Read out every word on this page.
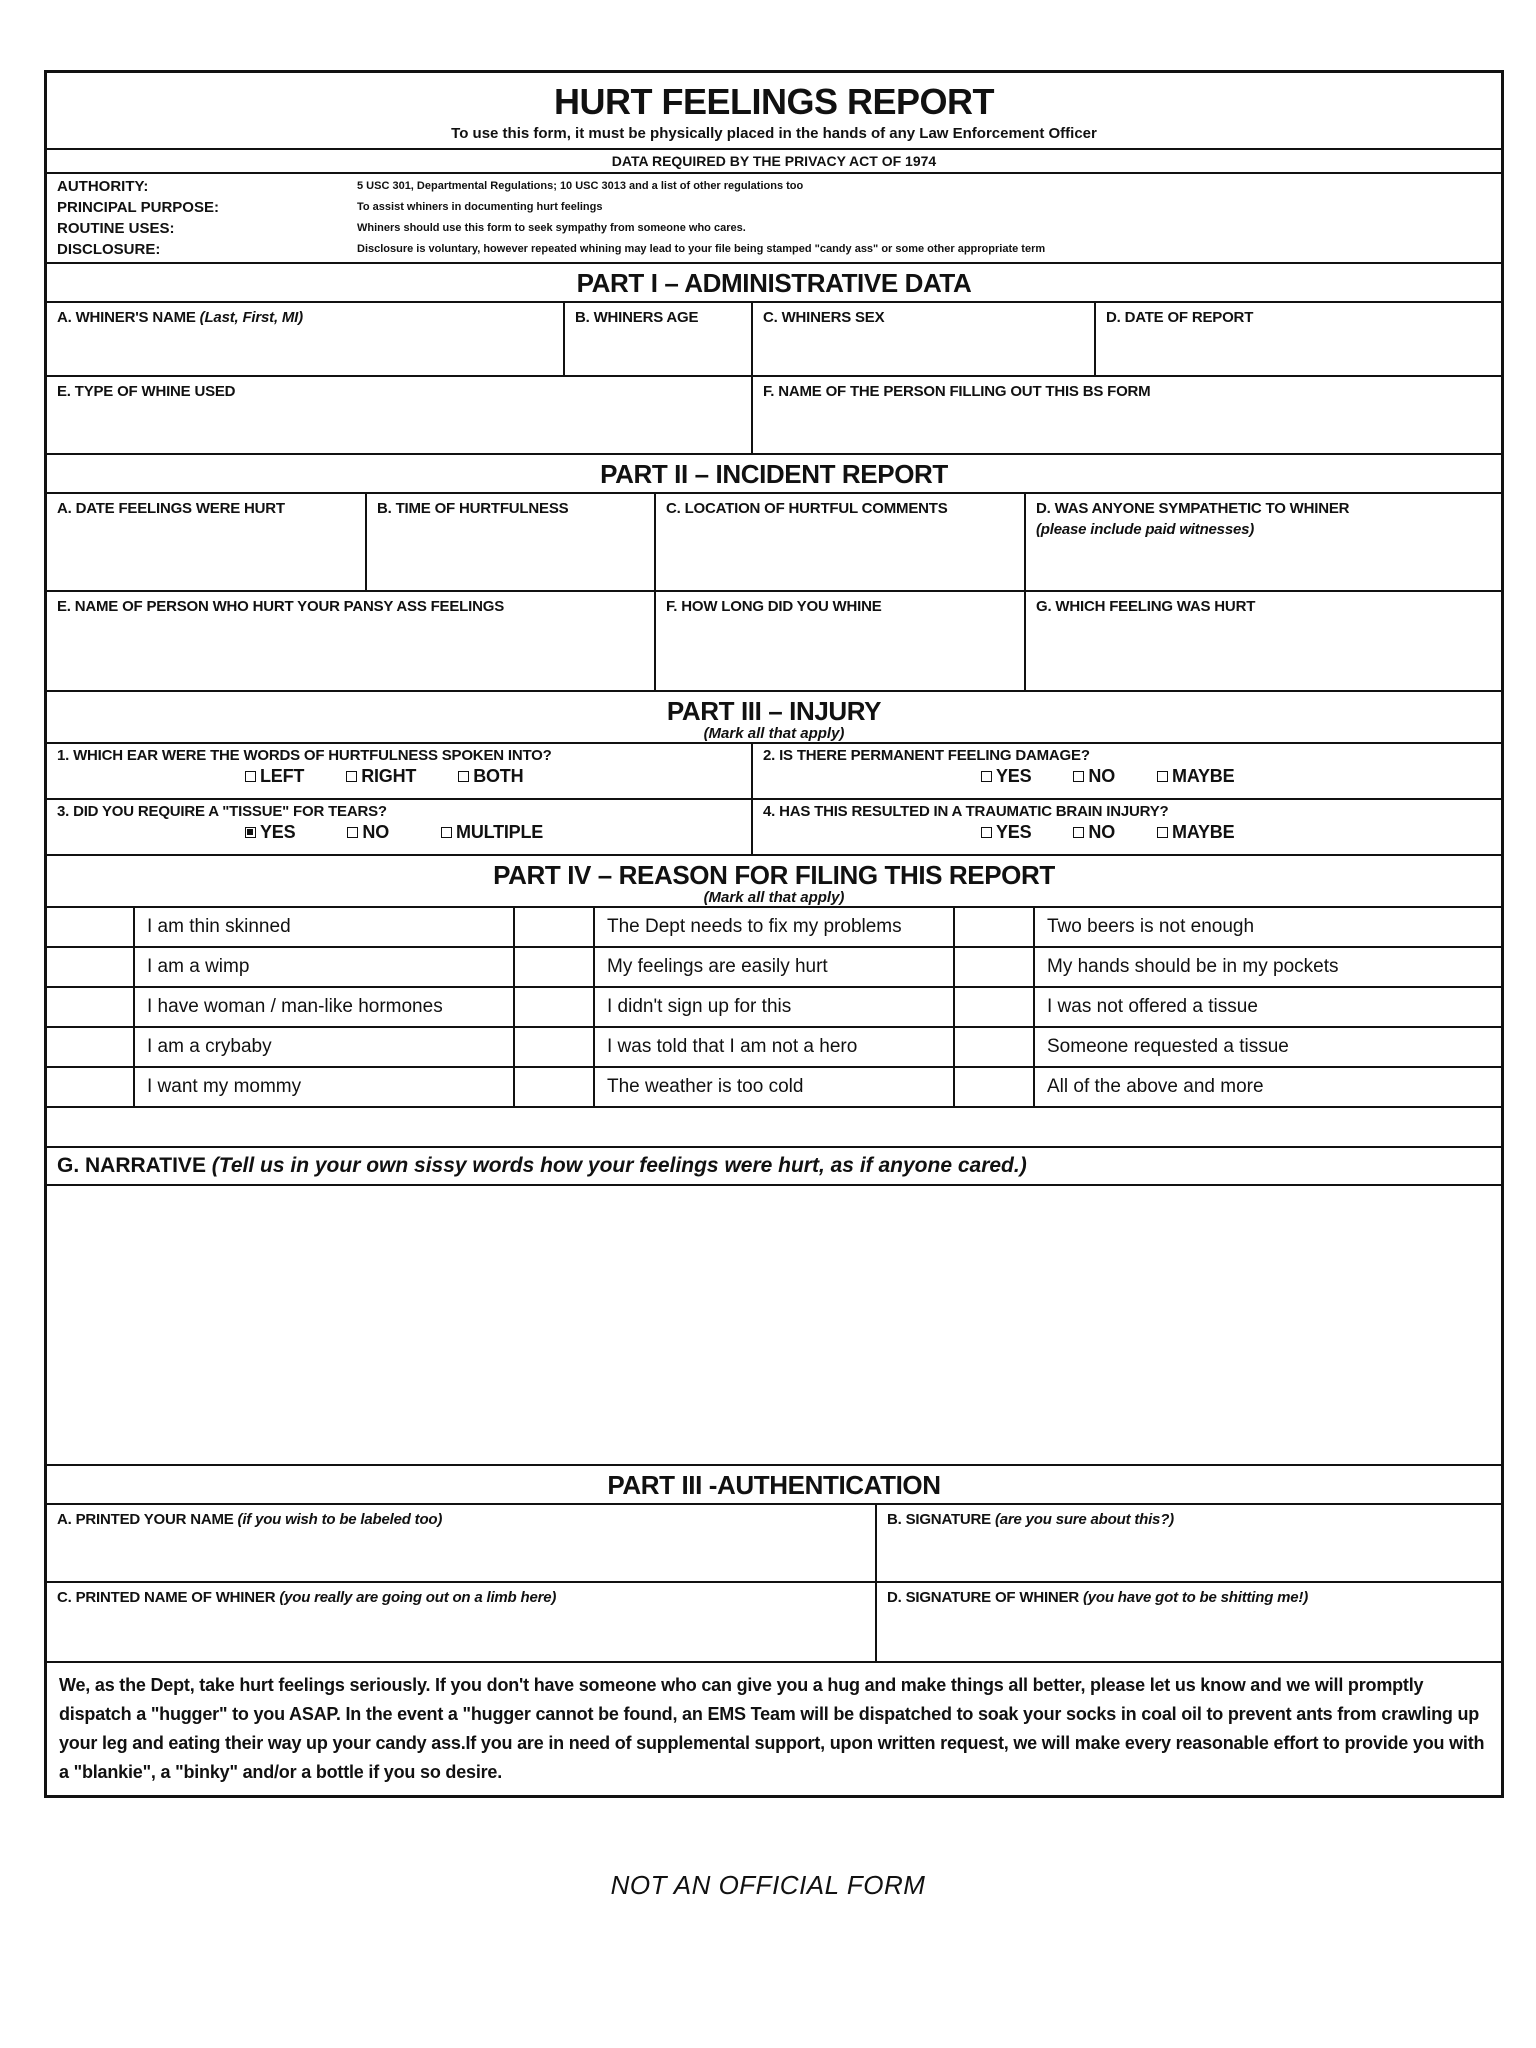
HURT FEELINGS REPORT
To use this form, it must be physically placed in the hands of any Law Enforcement Officer
DATA REQUIRED BY THE PRIVACY ACT OF 1974
AUTHORITY:	5 USC 301, Departmental Regulations; 10 USC 3013 and a list of other regulations too
PRINCIPAL PURPOSE:	To assist whiners in documenting hurt feelings
ROUTINE USES:	Whiners should use this form to seek sympathy from someone who cares.
DISCLOSURE:	Disclosure is voluntary, however repeated whining may lead to your file being stamped "candy ass" or some other appropriate term
PART I – ADMINISTRATIVE DATA
A. WHINER'S NAME (Last, First, MI)	B. WHINERS AGE	C. WHINERS SEX	D. DATE OF REPORT
E. TYPE OF WHINE USED	F. NAME OF THE PERSON FILLING OUT THIS BS FORM
PART II – INCIDENT REPORT
A. DATE FEELINGS WERE HURT	B. TIME OF HURTFULNESS	C. LOCATION OF HURTFUL COMMENTS	D. WAS ANYONE SYMPATHETIC TO WHINER
(please include paid witnesses)
E. NAME OF PERSON WHO HURT YOUR PANSY ASS FEELINGS	F. HOW LONG DID YOU WHINE	G. WHICH FEELING WAS HURT
PART III – INJURY
(Mark all that apply)
1. WHICH EAR WERE THE WORDS OF HURTFULNESS SPOKEN INTO?
LEFT	RIGHT	BOTH
2. IS THERE PERMANENT FEELING DAMAGE?
YES	NO	MAYBE
3. DID YOU REQUIRE A "TISSUE" FOR TEARS?
YES	NO	MULTIPLE
4. HAS THIS RESULTED IN A TRAUMATIC BRAIN INJURY?
YES	NO	MAYBE
PART IV – REASON FOR FILING THIS REPORT
(Mark all that apply)
I am thin skinned	The Dept needs to fix my problems	Two beers is not enough
I am a wimp	My feelings are easily hurt	My hands should be in my pockets
I have woman / man-like hormones	I didn't sign up for this	I was not offered a tissue
I am a crybaby	I was told that I am not a hero	Someone requested a tissue
I want my mommy	The weather is too cold	All of the above and more
G. NARRATIVE (Tell us in your own sissy words how your feelings were hurt, as if anyone cared.)
PART III -AUTHENTICATION
A. PRINTED YOUR NAME (if you wish to be labeled too)	B. SIGNATURE (are you sure about this?)
C. PRINTED NAME OF WHINER (you really are going out on a limb here)	D. SIGNATURE OF WHINER (you have got to be shitting me!)
We, as the Dept, take hurt feelings seriously. If you don't have someone who can give you a hug and make things all better, please let us know and we will promptly dispatch a "hugger" to you ASAP. In the event a "hugger cannot be found, an EMS Team will be dispatched to soak your socks in coal oil to prevent ants from crawling up your leg and eating their way up your candy ass.If you are in need of supplemental support, upon written request, we will make every reasonable effort to provide you with a "blankie", a "binky" and/or a bottle if you so desire.
NOT AN OFFICIAL FORM
